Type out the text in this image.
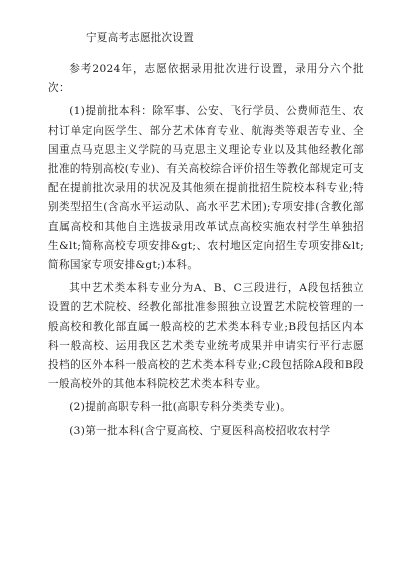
宁夏高考志愿批次设置

参考2024年，志愿依据录用批次进行设置，录用分六个批次：

(1)提前批本科：除军事、公安、飞行学员、公费师范生、农村订单定向医学生、部分艺术体育专业、航海类等艰苦专业、全国重点马克思主义学院的马克思主义理论专业以及其他经教化部批准的特别高校(专业)、有关高校综合评价招生等教化部规定可支配在提前批次录用的状况及其他须在提前批招生院校本科专业;特别类型招生(含高水平运动队、高水平艺术团);专项安排(含教化部直属高校和其他自主选拔录用改革试点高校实施农村学生单独招生&lt;简称高校专项安排&gt;、农村地区定向招生专项安排&lt;简称国家专项安排&gt;)本科。

其中艺术类本科专业分为A、B、C三段进行，A段包括独立设置的艺术院校、经教化部批准参照独立设置艺术院校管理的一般高校和教化部直属一般高校的艺术类本科专业;B段包括区内本科一般高校、运用我区艺术类专业统考成果并申请实行平行志愿投档的区外本科一般高校的艺术类本科专业;C段包括除A段和B段一般高校外的其他本科院校艺术类本科专业。

(2)提前高职专科一批(高职专科分类类专业)。

(3)第一批本科(含宁夏高校、宁夏医科高校招收农村学
